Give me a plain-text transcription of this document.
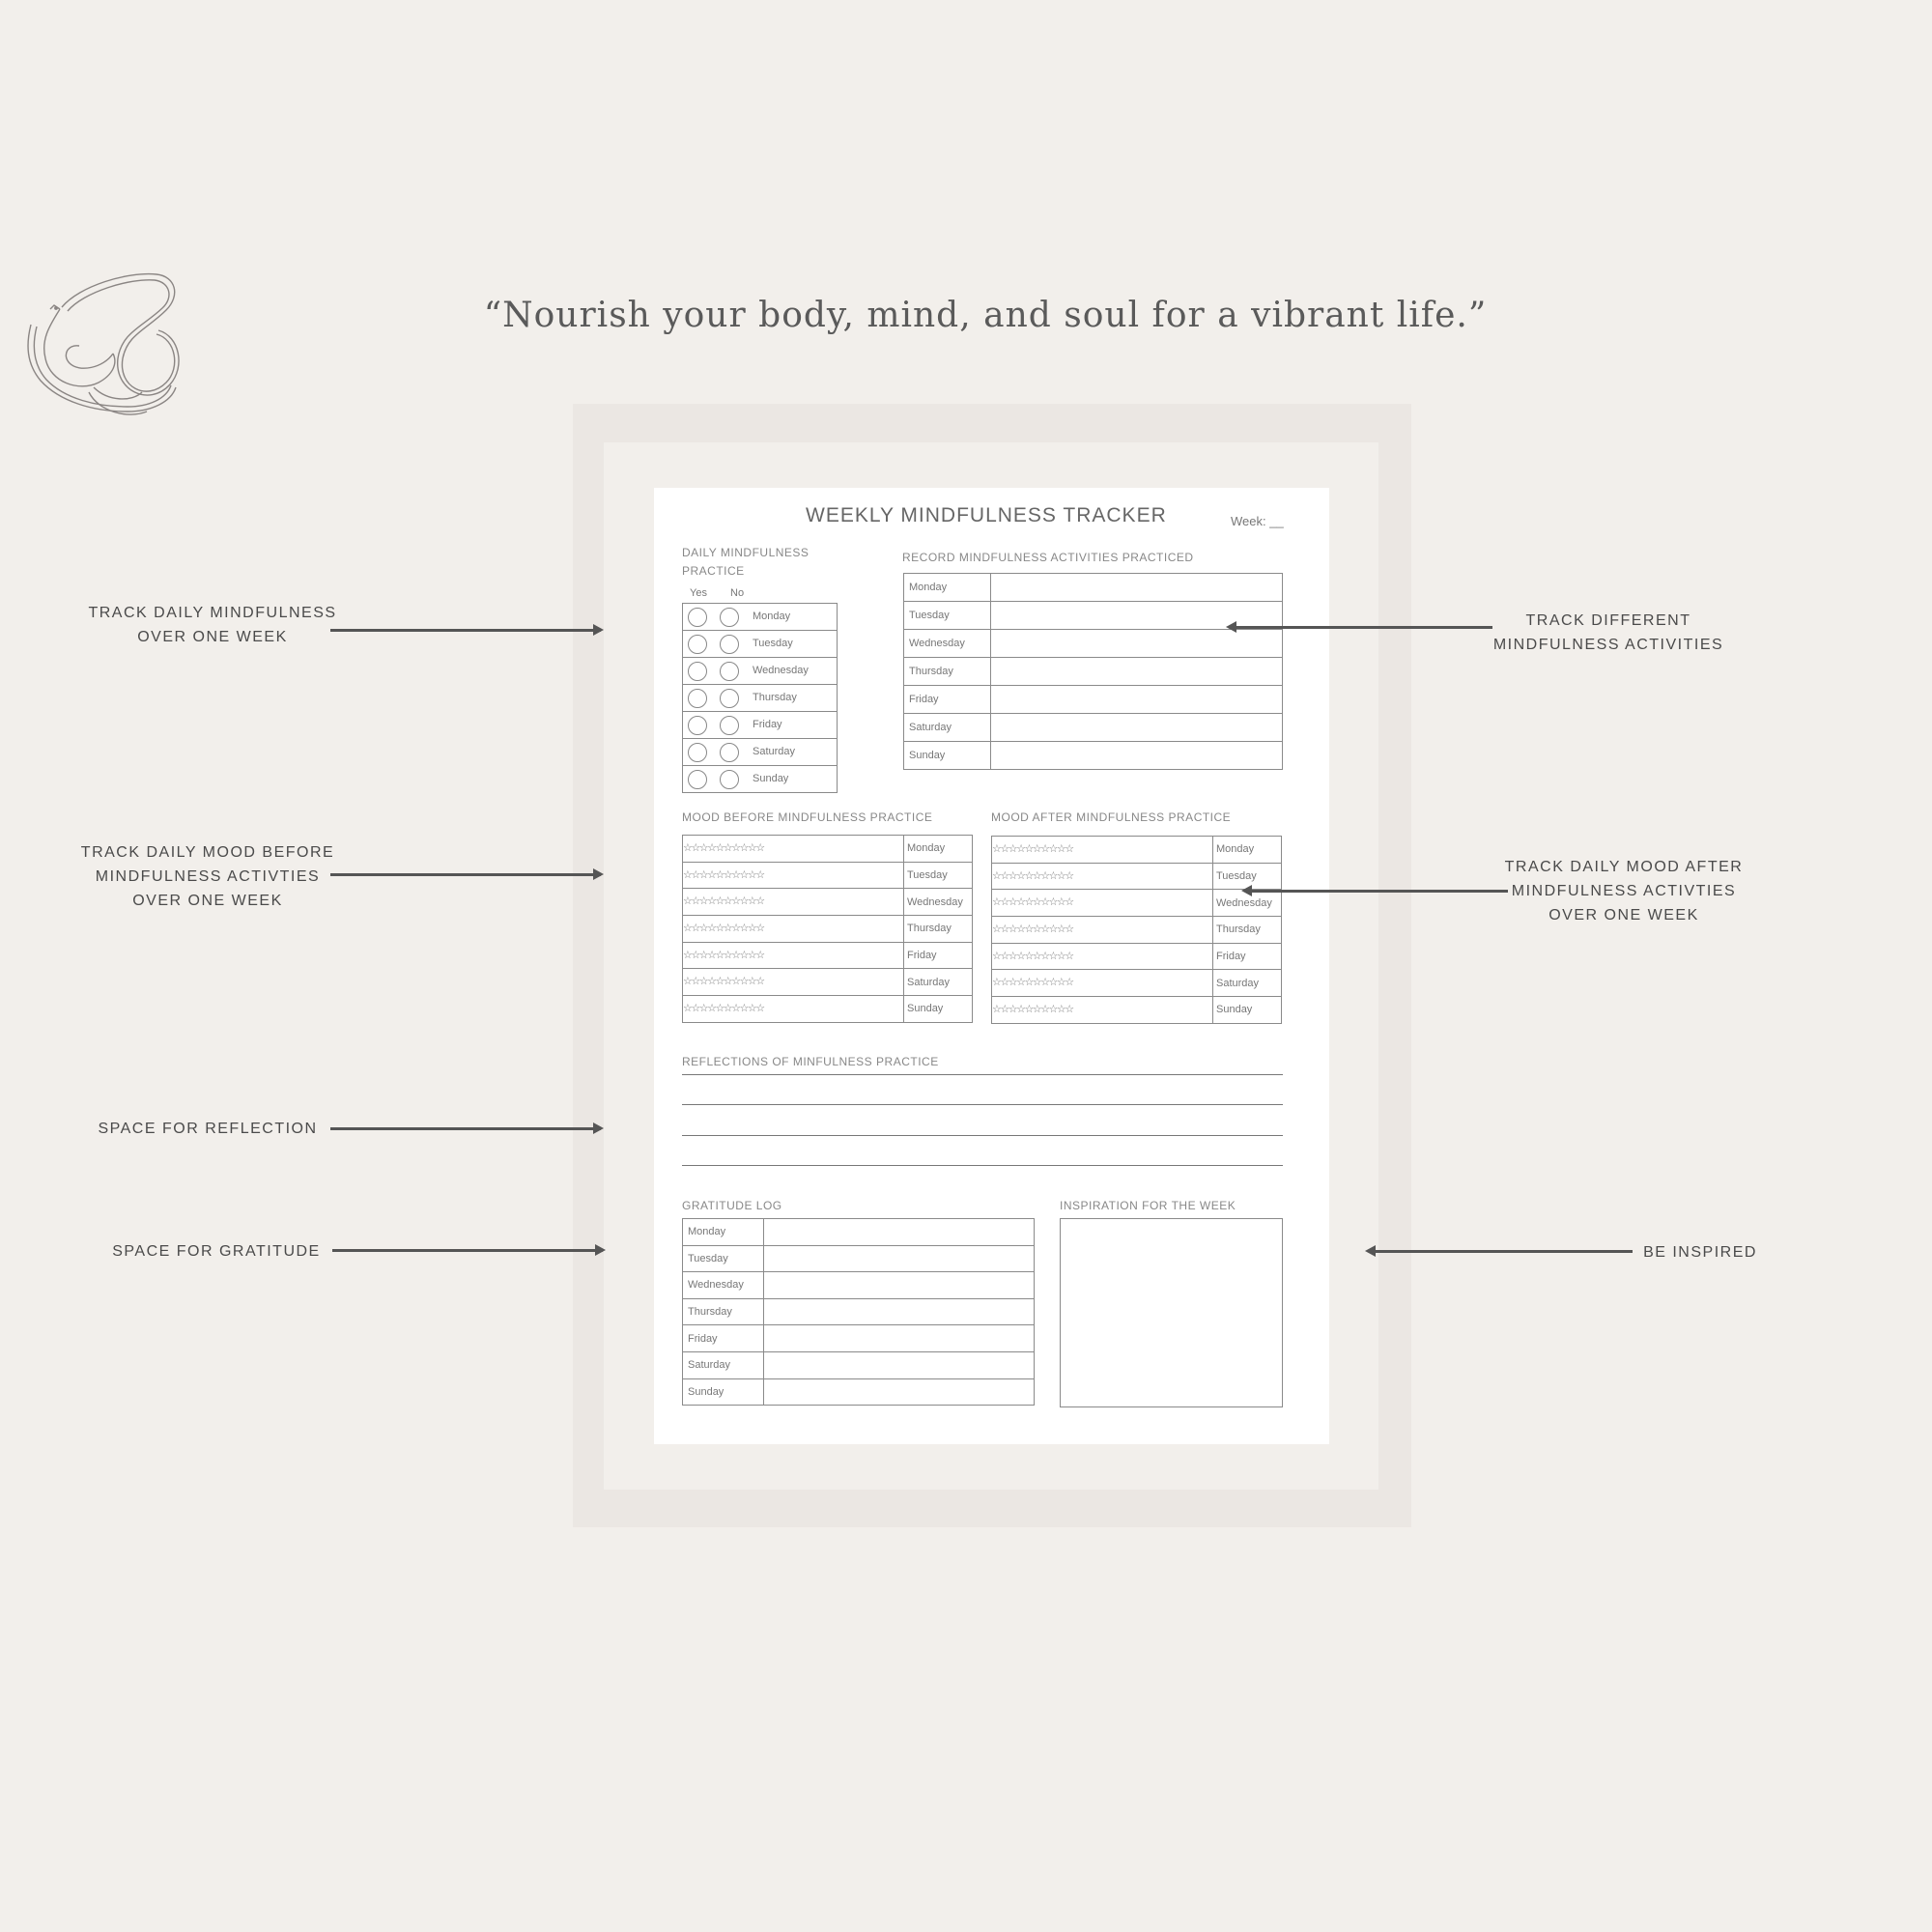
“Nourish your body, mind, and soul for a vibrant life.”
WEEKLY MINDFULNESS TRACKER	Week: __
DAILY MINDFULNESS
PRACTICE
Yes No
Monday
Tuesday
Wednesday
Thursday
Friday
Saturday
Sunday
RECORD MINDFULNESS ACTIVITIES PRACTICED
Monday	
Tuesday	
Wednesday	
Thursday	
Friday	
Saturday	
Sunday	
MOOD BEFORE MINDFULNESS PRACTICE
☆☆☆☆☆☆☆☆☆☆	Monday
☆☆☆☆☆☆☆☆☆☆	Tuesday
☆☆☆☆☆☆☆☆☆☆	Wednesday
☆☆☆☆☆☆☆☆☆☆	Thursday
☆☆☆☆☆☆☆☆☆☆	Friday
☆☆☆☆☆☆☆☆☆☆	Saturday
☆☆☆☆☆☆☆☆☆☆	Sunday
MOOD AFTER MINDFULNESS PRACTICE
☆☆☆☆☆☆☆☆☆☆	Monday
☆☆☆☆☆☆☆☆☆☆	Tuesday
☆☆☆☆☆☆☆☆☆☆	Wednesday
☆☆☆☆☆☆☆☆☆☆	Thursday
☆☆☆☆☆☆☆☆☆☆	Friday
☆☆☆☆☆☆☆☆☆☆	Saturday
☆☆☆☆☆☆☆☆☆☆	Sunday
REFLECTIONS OF MINFULNESS PRACTICE
GRATITUDE LOG
Monday	
Tuesday	
Wednesday	
Thursday	
Friday	
Saturday	
Sunday	
INSPIRATION FOR THE WEEK
TRACK DAILY MINDFULNESS
OVER ONE WEEK
TRACK DAILY MOOD BEFORE
MINDFULNESS ACTIVTIES
OVER ONE WEEK
SPACE FOR REFLECTION
SPACE FOR GRATITUDE
TRACK DIFFERENT
MINDFULNESS ACTIVITIES
TRACK DAILY MOOD AFTER
MINDFULNESS ACTIVTIES
OVER ONE WEEK
BE INSPIRED
